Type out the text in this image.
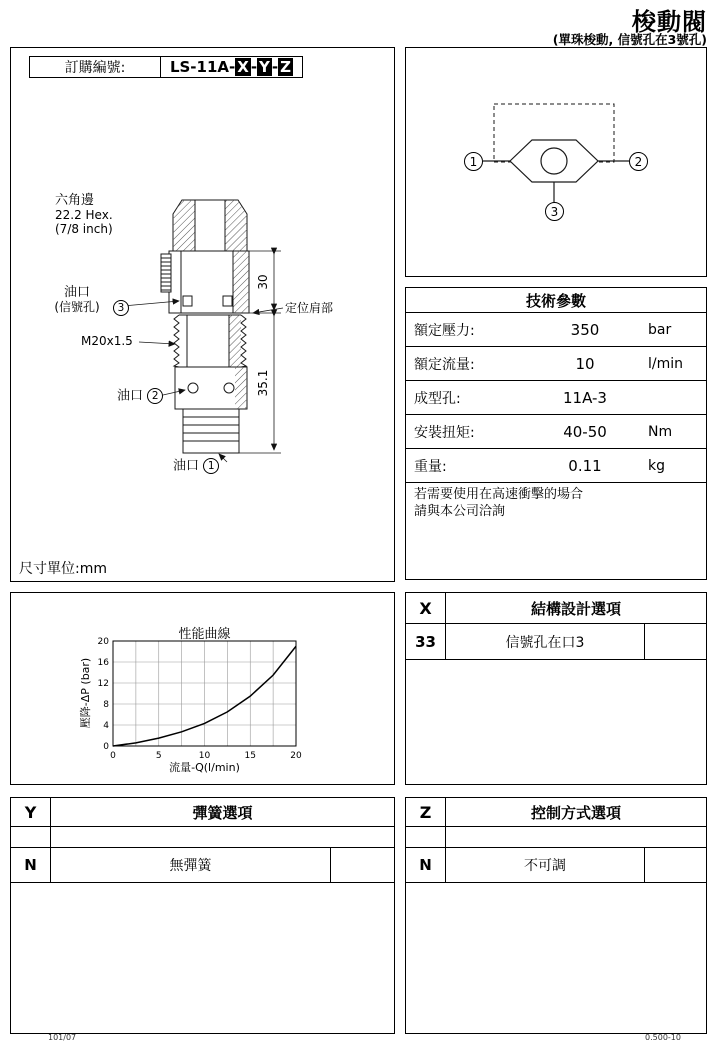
梭動閥
(單珠梭動, 信號孔在3號孔)
訂購編號:	LS-11A- X - Y - Z
六角邊
22.2 Hex.
(7/8 inch)
油口
(信號孔)	3	定位肩部
M20x1.5
油口 2
油口 1
30
35.1
尺寸單位:mm
1	2
3
技術參數
額定壓力:	350	bar
額定流量:	10	l/min
成型孔:	11A-3
安裝扭矩:	40-50	Nm
重量:	0.11	kg
若需要使用在高速衝擊的場合
請與本公司洽詢
性能曲線
壓降-ΔP (bar)
流量-Q(l/min)
0	5	10	15	20
0
4
8
12
16
20
X	結構設計選項
33	信號孔在口3
Y	彈簧選項
N	無彈簧
Z	控制方式選項
N	不可調
101/07	0.500-10
